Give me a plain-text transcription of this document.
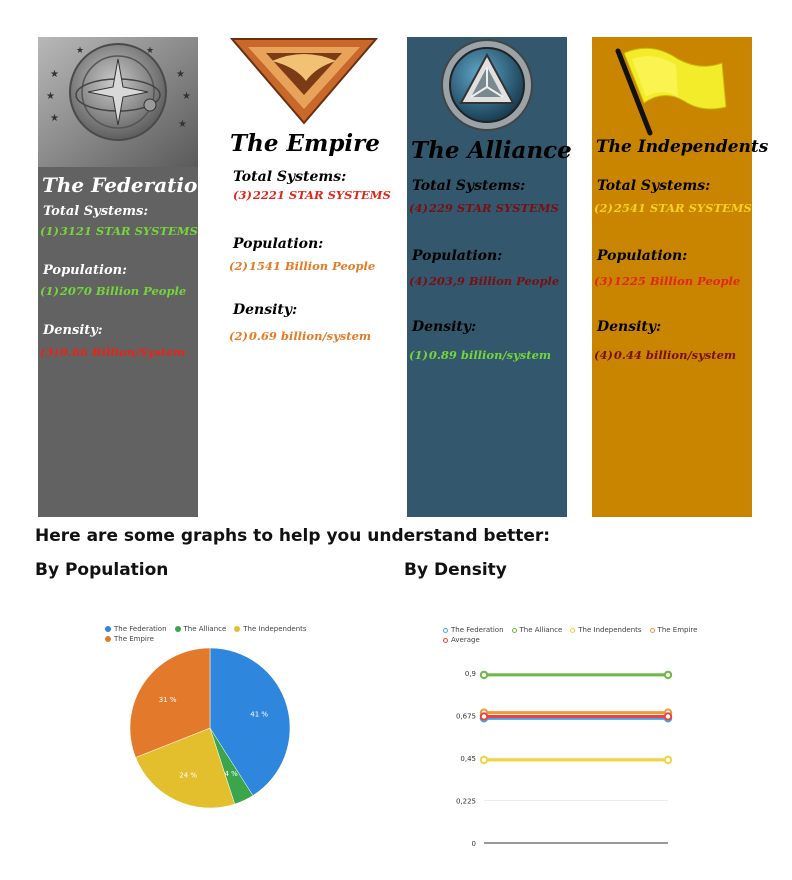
★
★
★
★
★
★
★	★
The Federation
Total Systems:
(1)3121 STAR SYSTEMS
Population:
(1)2070 Billion People
Density:
(3)0.66 Billion/System
The Empire
Total Systems:
(3)2221 STAR SYSTEMS
Population:
(2)1541 Billion People
Density:
(2)0.69 billion/system
The Alliance
Total Systems:
(4)229 STAR SYSTEMS
Population:
(4)203,9 Billion People
Density:
(1)0.89 billion/system
The Independents
Total Systems:
(2)2541 STAR SYSTEMS
Population:
(3)1225 Billion People
Density:
(4)0.44 billion/system
Here are some graphs to help you understand better:
By Population	By Density
The Federation The Alliance The Independents
The Empire
41 %
4 %
24 %
31 %
The Federation The Alliance The Independents The Empire
Average
0
0,225
0,45
0,675
0,9
